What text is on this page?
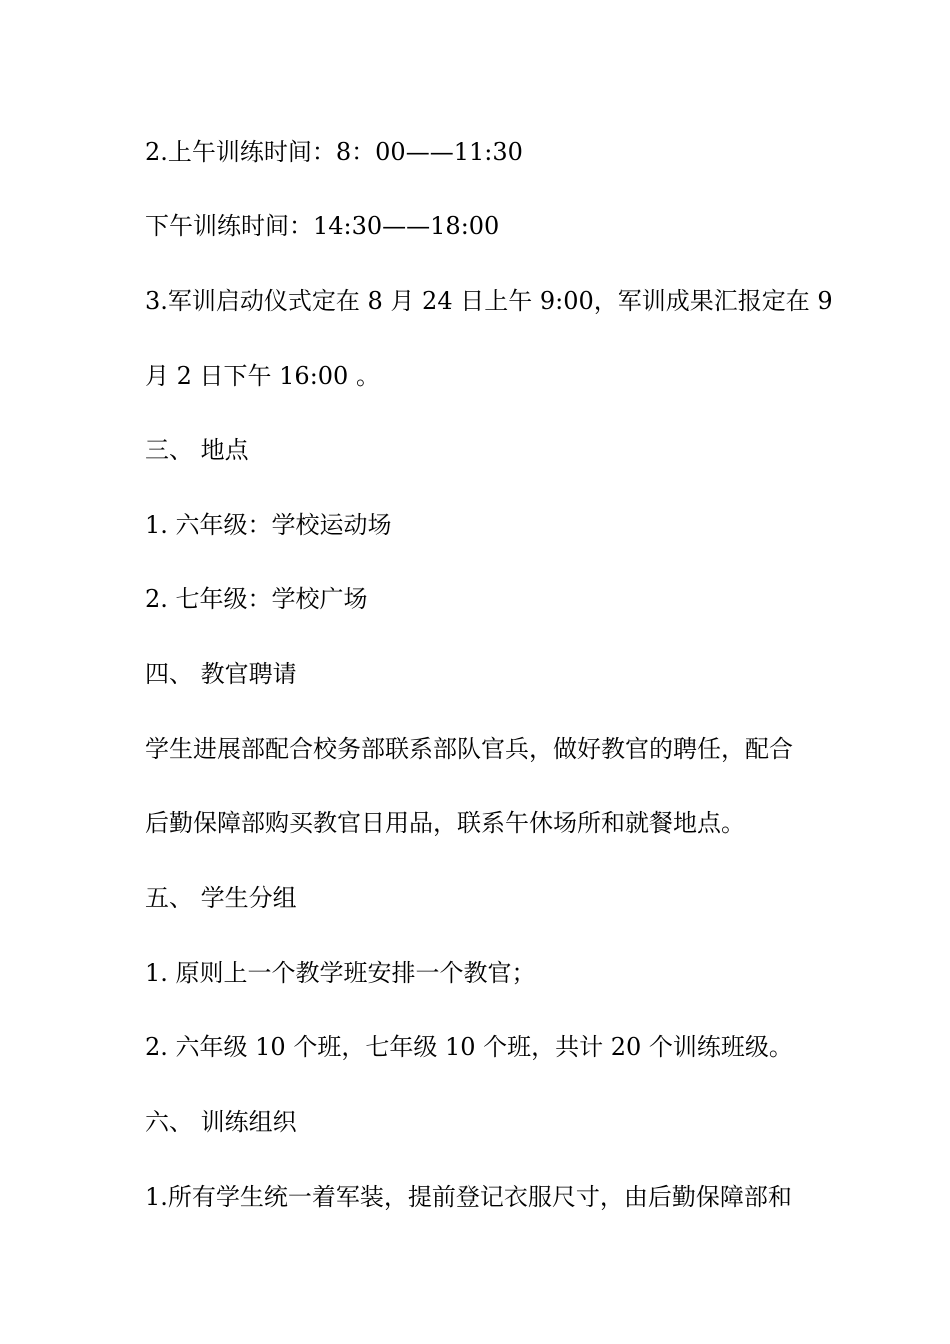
2.上午训练时间：8：00——11:30
下午训练时间：14:30——18:00
3.军训启动仪式定在 8 月 24 日上午 9:00，军训成果汇报定在 9
月 2 日下午 16:00 。
三、 地点
1. 六年级：学校运动场
2. 七年级：学校广场
四、 教官聘请
学生进展部配合校务部联系部队官兵，做好教官的聘任，配合
后勤保障部购买教官日用品，联系午休场所和就餐地点。
五、 学生分组
1. 原则上一个教学班安排一个教官；
2. 六年级 10 个班，七年级 10 个班，共计 20 个训练班级。
六、 训练组织
1.所有学生统一着军装，提前登记衣服尺寸，由后勤保障部和
